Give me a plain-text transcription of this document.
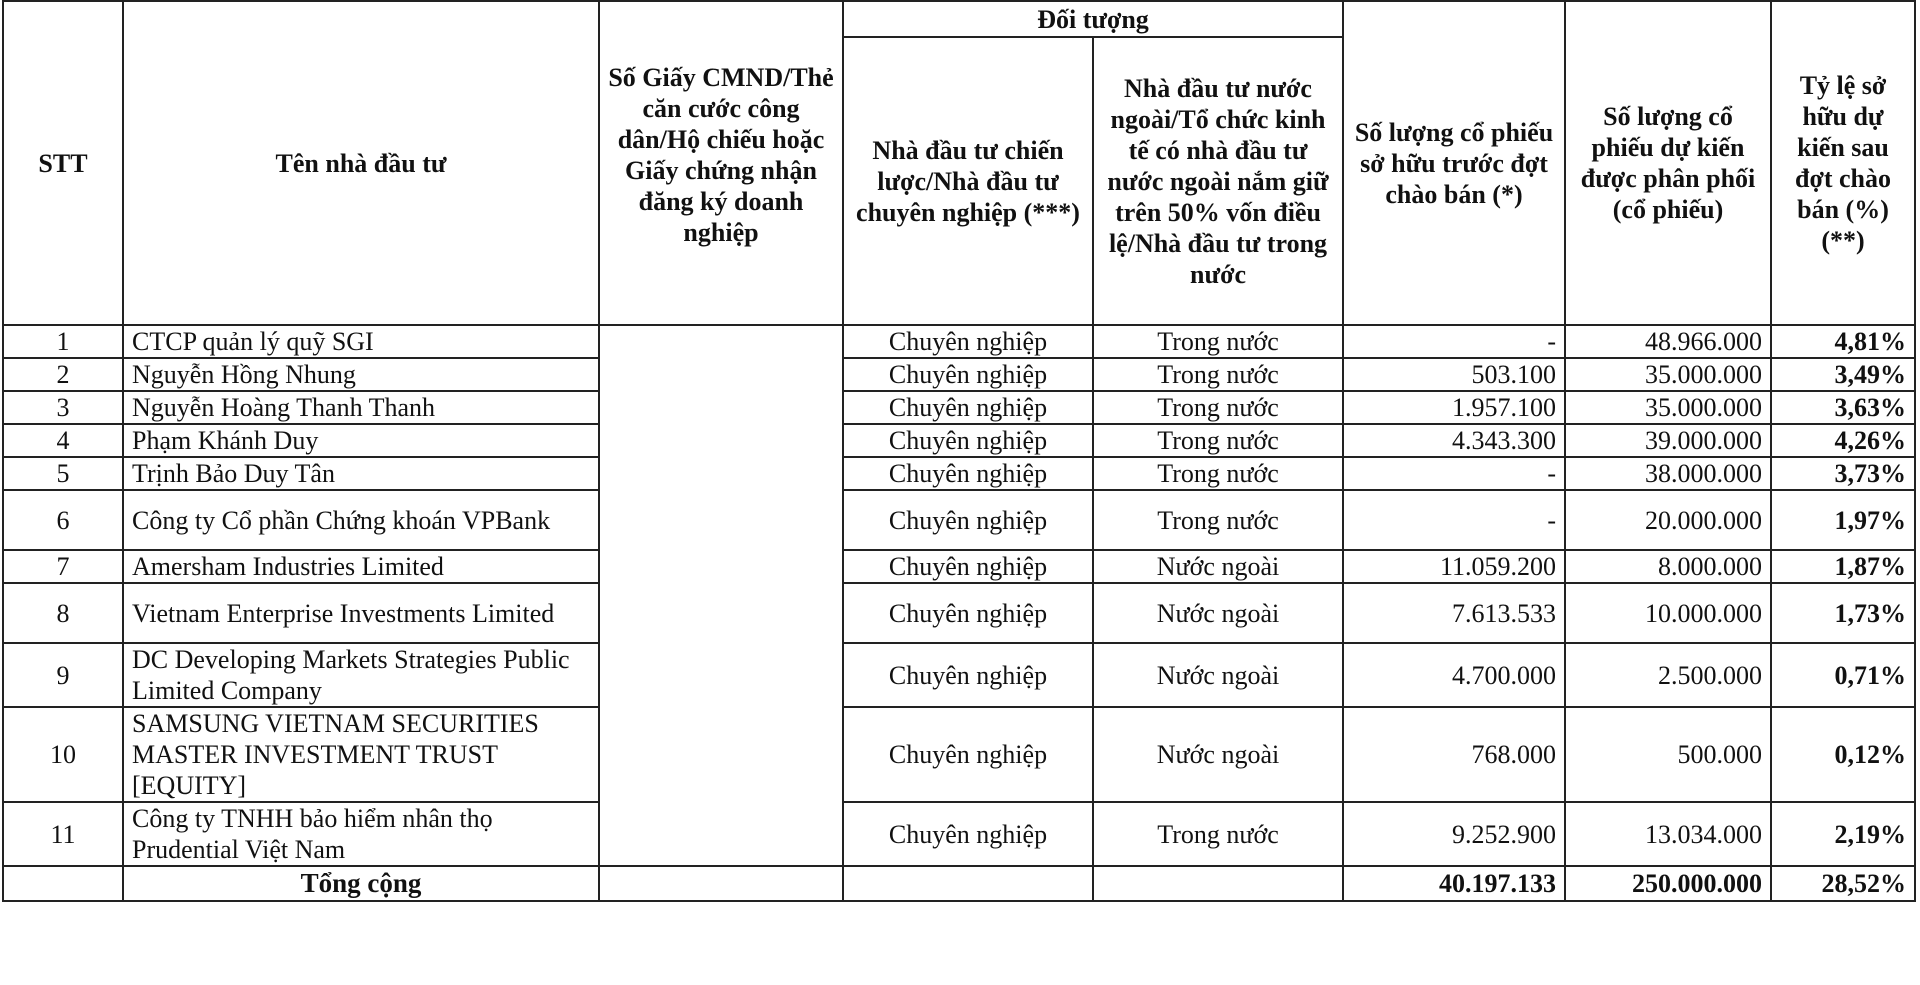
STT	Tên nhà đầu tư	Số Giấy CMND/Thẻ căn cước công dân/Hộ chiếu hoặc Giấy chứng nhận đăng ký doanh nghiệp	Đối tượng		Số lượng cổ phiếu sở hữu trước đợt chào bán (*)	Số lượng cổ phiếu dự kiến được phân phối (cổ phiếu)	Tỷ lệ sở hữu dự kiến sau đợt chào bán (%) (**)
			Nhà đầu tư chiến lược/Nhà đầu tư chuyên nghiệp (***)	Nhà đầu tư nước ngoài/Tổ chức kinh tế có nhà đầu tư nước ngoài nắm giữ trên 50% vốn điều lệ/Nhà đầu tư trong nước			
1	CTCP quản lý quỹ SGI		Chuyên nghiệp	Trong nước	-	48.966.000	4,81%
2	Nguyễn Hồng Nhung		Chuyên nghiệp	Trong nước	503.100	35.000.000	3,49%
3	Nguyễn Hoàng Thanh Thanh		Chuyên nghiệp	Trong nước	1.957.100	35.000.000	3,63%
4	Phạm Khánh Duy		Chuyên nghiệp	Trong nước	4.343.300	39.000.000	4,26%
5	Trịnh Bảo Duy Tân		Chuyên nghiệp	Trong nước	-	38.000.000	3,73%
6	Công ty Cổ phần Chứng khoán VPBank		Chuyên nghiệp	Trong nước	-	20.000.000	1,97%
7	Amersham Industries Limited		Chuyên nghiệp	Nước ngoài	11.059.200	8.000.000	1,87%
8	Vietnam Enterprise Investments Limited		Chuyên nghiệp	Nước ngoài	7.613.533	10.000.000	1,73%
9	DC Developing Markets Strategies Public Limited Company		Chuyên nghiệp	Nước ngoài	4.700.000	2.500.000	0,71%
10	SAMSUNG VIETNAM SECURITIES MASTER INVESTMENT TRUST [EQUITY]		Chuyên nghiệp	Nước ngoài	768.000	500.000	0,12%
11	Công ty TNHH bảo hiểm nhân thọ Prudential Việt Nam		Chuyên nghiệp	Trong nước	9.252.900	13.034.000	2,19%
	Tổng cộng				40.197.133	250.000.000	28,52%
